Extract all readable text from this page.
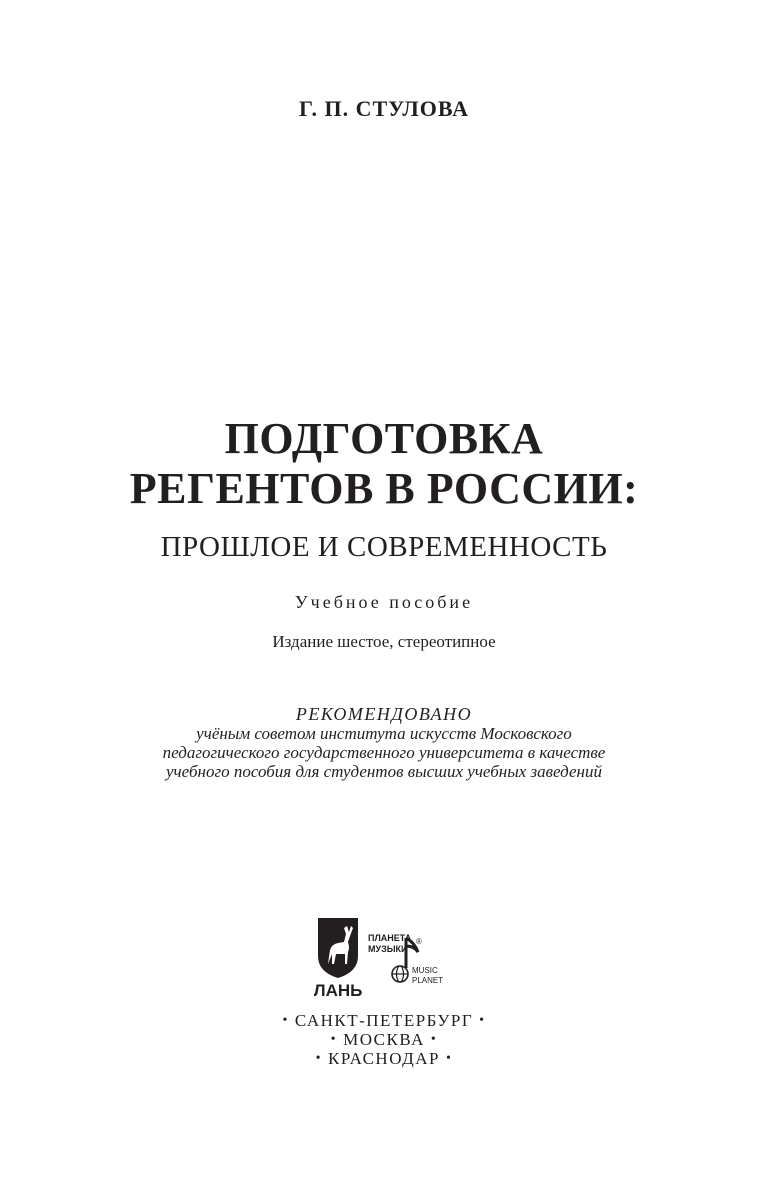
Г. П. СТУЛОВА
ПОДГОТОВКА
РЕГЕНТОВ В РОССИИ:
ПРОШЛОЕ И СОВРЕМЕННОСТЬ
Учебное пособие
Издание шестое, стереотипное
РЕКОМЕНДОВАНО
учёным советом института искусств Московского
педагогического государственного университета в качестве
учебного пособия для студентов высших учебных заведений
ЛАНЬ
ПЛАНЕТА
МУЗЫКИ
®
MUSIC
PLANET
• САНКТ-ПЕТЕРБУРГ •
• МОСКВА •
• КРАСНОДАР •
